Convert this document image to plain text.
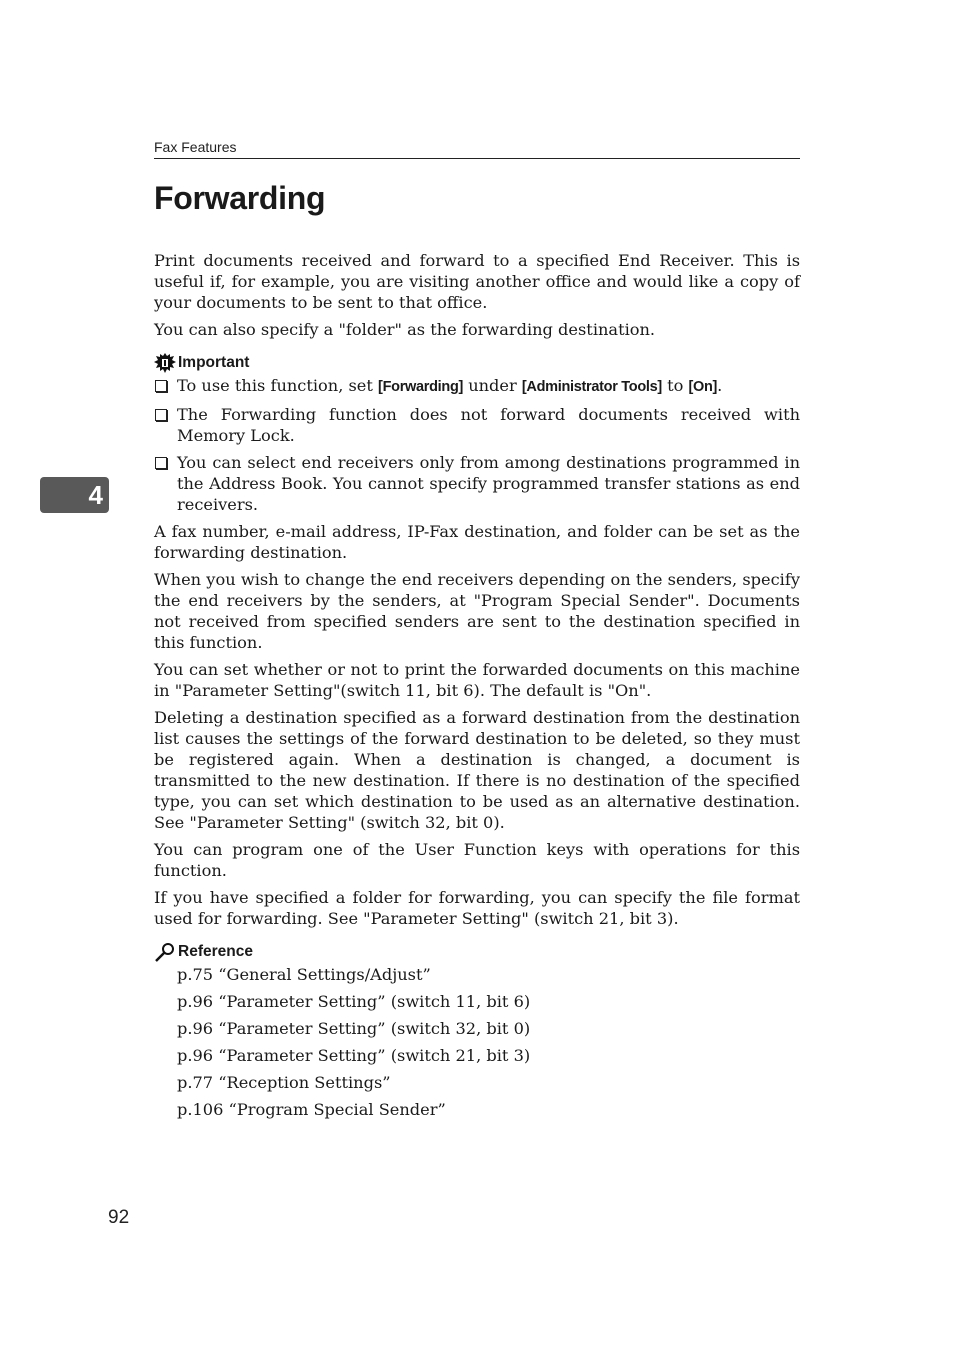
Fax Features
Forwarding
4

Print documents received and forward to a specified End Receiver. This is useful if, for example, you are visiting another office and would like a copy of your documents to be sent to that office.

You can also specify a "folder" as the forwarding destination.

Important
To use this function, set [Forwarding] under [Administrator Tools] to [On].
The Forwarding function does not forward documents received with Memory Lock.
You can select end receivers only from among destinations programmed in the Address Book. You cannot specify programmed transfer stations as end receivers.

A fax number, e-mail address, IP-Fax destination, and folder can be set as the forwarding destination.

When you wish to change the end receivers depending on the senders, specify the end receivers by the senders, at "Program Special Sender". Documents not received from specified senders are sent to the destination specified in this function.

You can set whether or not to print the forwarded documents on this machine in "Parameter Setting"(switch 11, bit 6). The default is "On".

Deleting a destination specified as a forward destination from the destination list causes the settings of the forward destination to be deleted, so they must be registered again. When a destination is changed, a document is transmitted to the new destination. If there is no destination of the specified type, you can set which destination to be used as an alternative destination. See "Parameter Setting" (switch 32, bit 0).

You can program one of the User Function keys with operations for this function.

If you have specified a folder for forwarding, you can specify the file format used for forwarding. See "Parameter Setting" (switch 21, bit 3).

Reference
p.75 “General Settings/Adjust”
p.96 “Parameter Setting” (switch 11, bit 6)
p.96 “Parameter Setting” (switch 32, bit 0)
p.96 “Parameter Setting” (switch 21, bit 3)
p.77 “Reception Settings”
p.106 “Program Special Sender”
92
